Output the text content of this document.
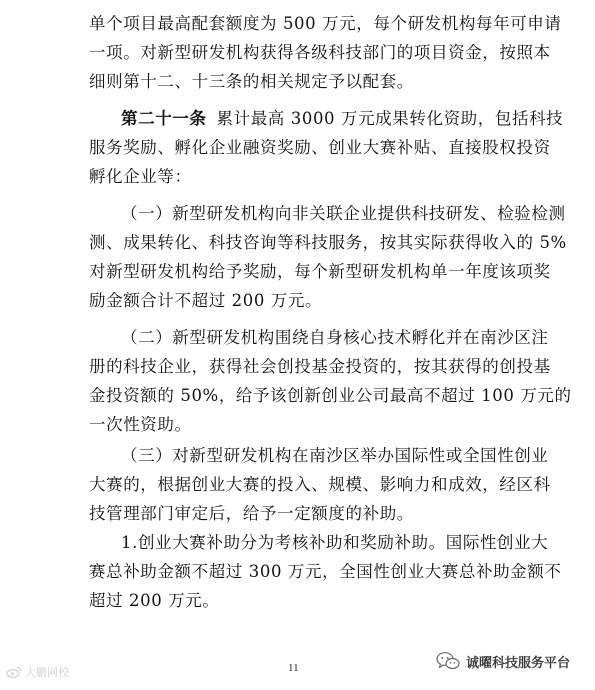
单个项目最高配套额度为 500 万元，每个研发机构每年可申请
一项。对新型研发机构获得各级科技部门的项目资金，按照本
细则第十二、十三条的相关规定予以配套。
第二十一条 累计最高 3000 万元成果转化资助，包括科技
服务奖励、孵化企业融资奖励、创业大赛补贴、直接股权投资
孵化企业等：
（一）新型研发机构向非关联企业提供科技研发、检验检测
测、成果转化、科技咨询等科技服务，按其实际获得收入的 5%
对新型研发机构给予奖励，每个新型研发机构单一年度该项奖
励金额合计不超过 200 万元。
（二）新型研发机构围绕自身核心技术孵化并在南沙区注
册的科技企业，获得社会创投基金投资的，按其获得的创投基
金投资额的 50%，给予该创新创业公司最高不超过 100 万元的
一次性资助。
（三）对新型研发机构在南沙区举办国际性或全国性创业
大赛的，根据创业大赛的投入、规模、影响力和成效，经区科
技管理部门审定后，给予一定额度的补助。
1.创业大赛补助分为考核补助和奖励补助。国际性创业大
赛总补助金额不超过 300 万元，全国性创业大赛总补助金额不
超过 200 万元。
11
大鹏网校
诚曜科技服务平台
